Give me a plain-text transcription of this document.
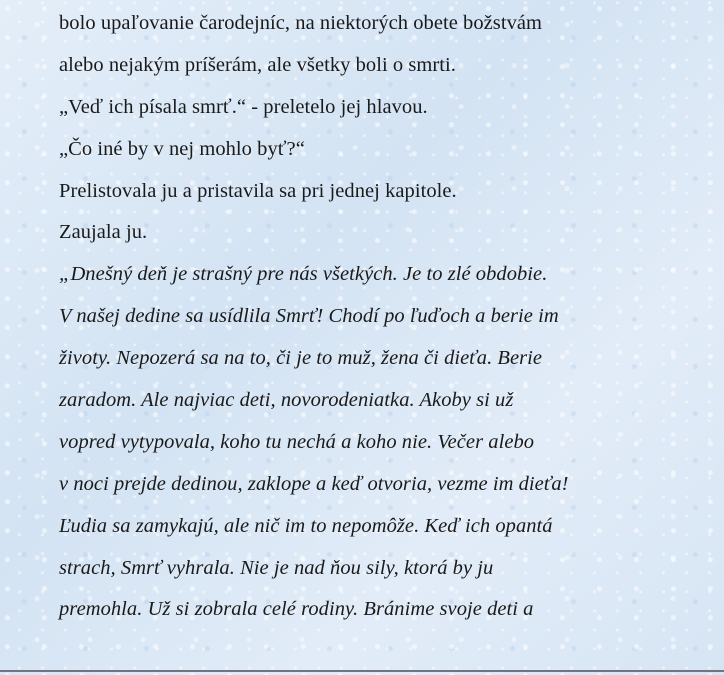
bolo upaľovanie čarodejníc, na niektorých obete božstvám
alebo nejakým príšerám, ale všetky boli o smrti.
„Veď ich písala smrť.“ - preletelo jej hlavou.
„Čo iné by v nej mohlo byť?“
Prelistovala ju a pristavila sa pri jednej kapitole.
Zaujala ju.
„Dnešný deň je strašný pre nás všetkých. Je to zlé obdobie.
V našej dedine sa usídlila Smrť! Chodí po ľuďoch a berie im
životy. Nepozerá sa na to, či je to muž, žena či dieťa. Berie
zaradom. Ale najviac deti, novorodeniatka. Akoby si už
vopred vytypovala, koho tu nechá a koho nie. Večer alebo
v noci prejde dedinou, zaklope a keď otvoria, vezme im dieťa!
Ľudia sa zamykajú, ale nič im to nepomôže. Keď ich opantá
strach, Smrť vyhrala. Nie je nad ňou sily, ktorá by ju
premohla. Už si zobrala celé rodiny. Bránime svoje deti a
